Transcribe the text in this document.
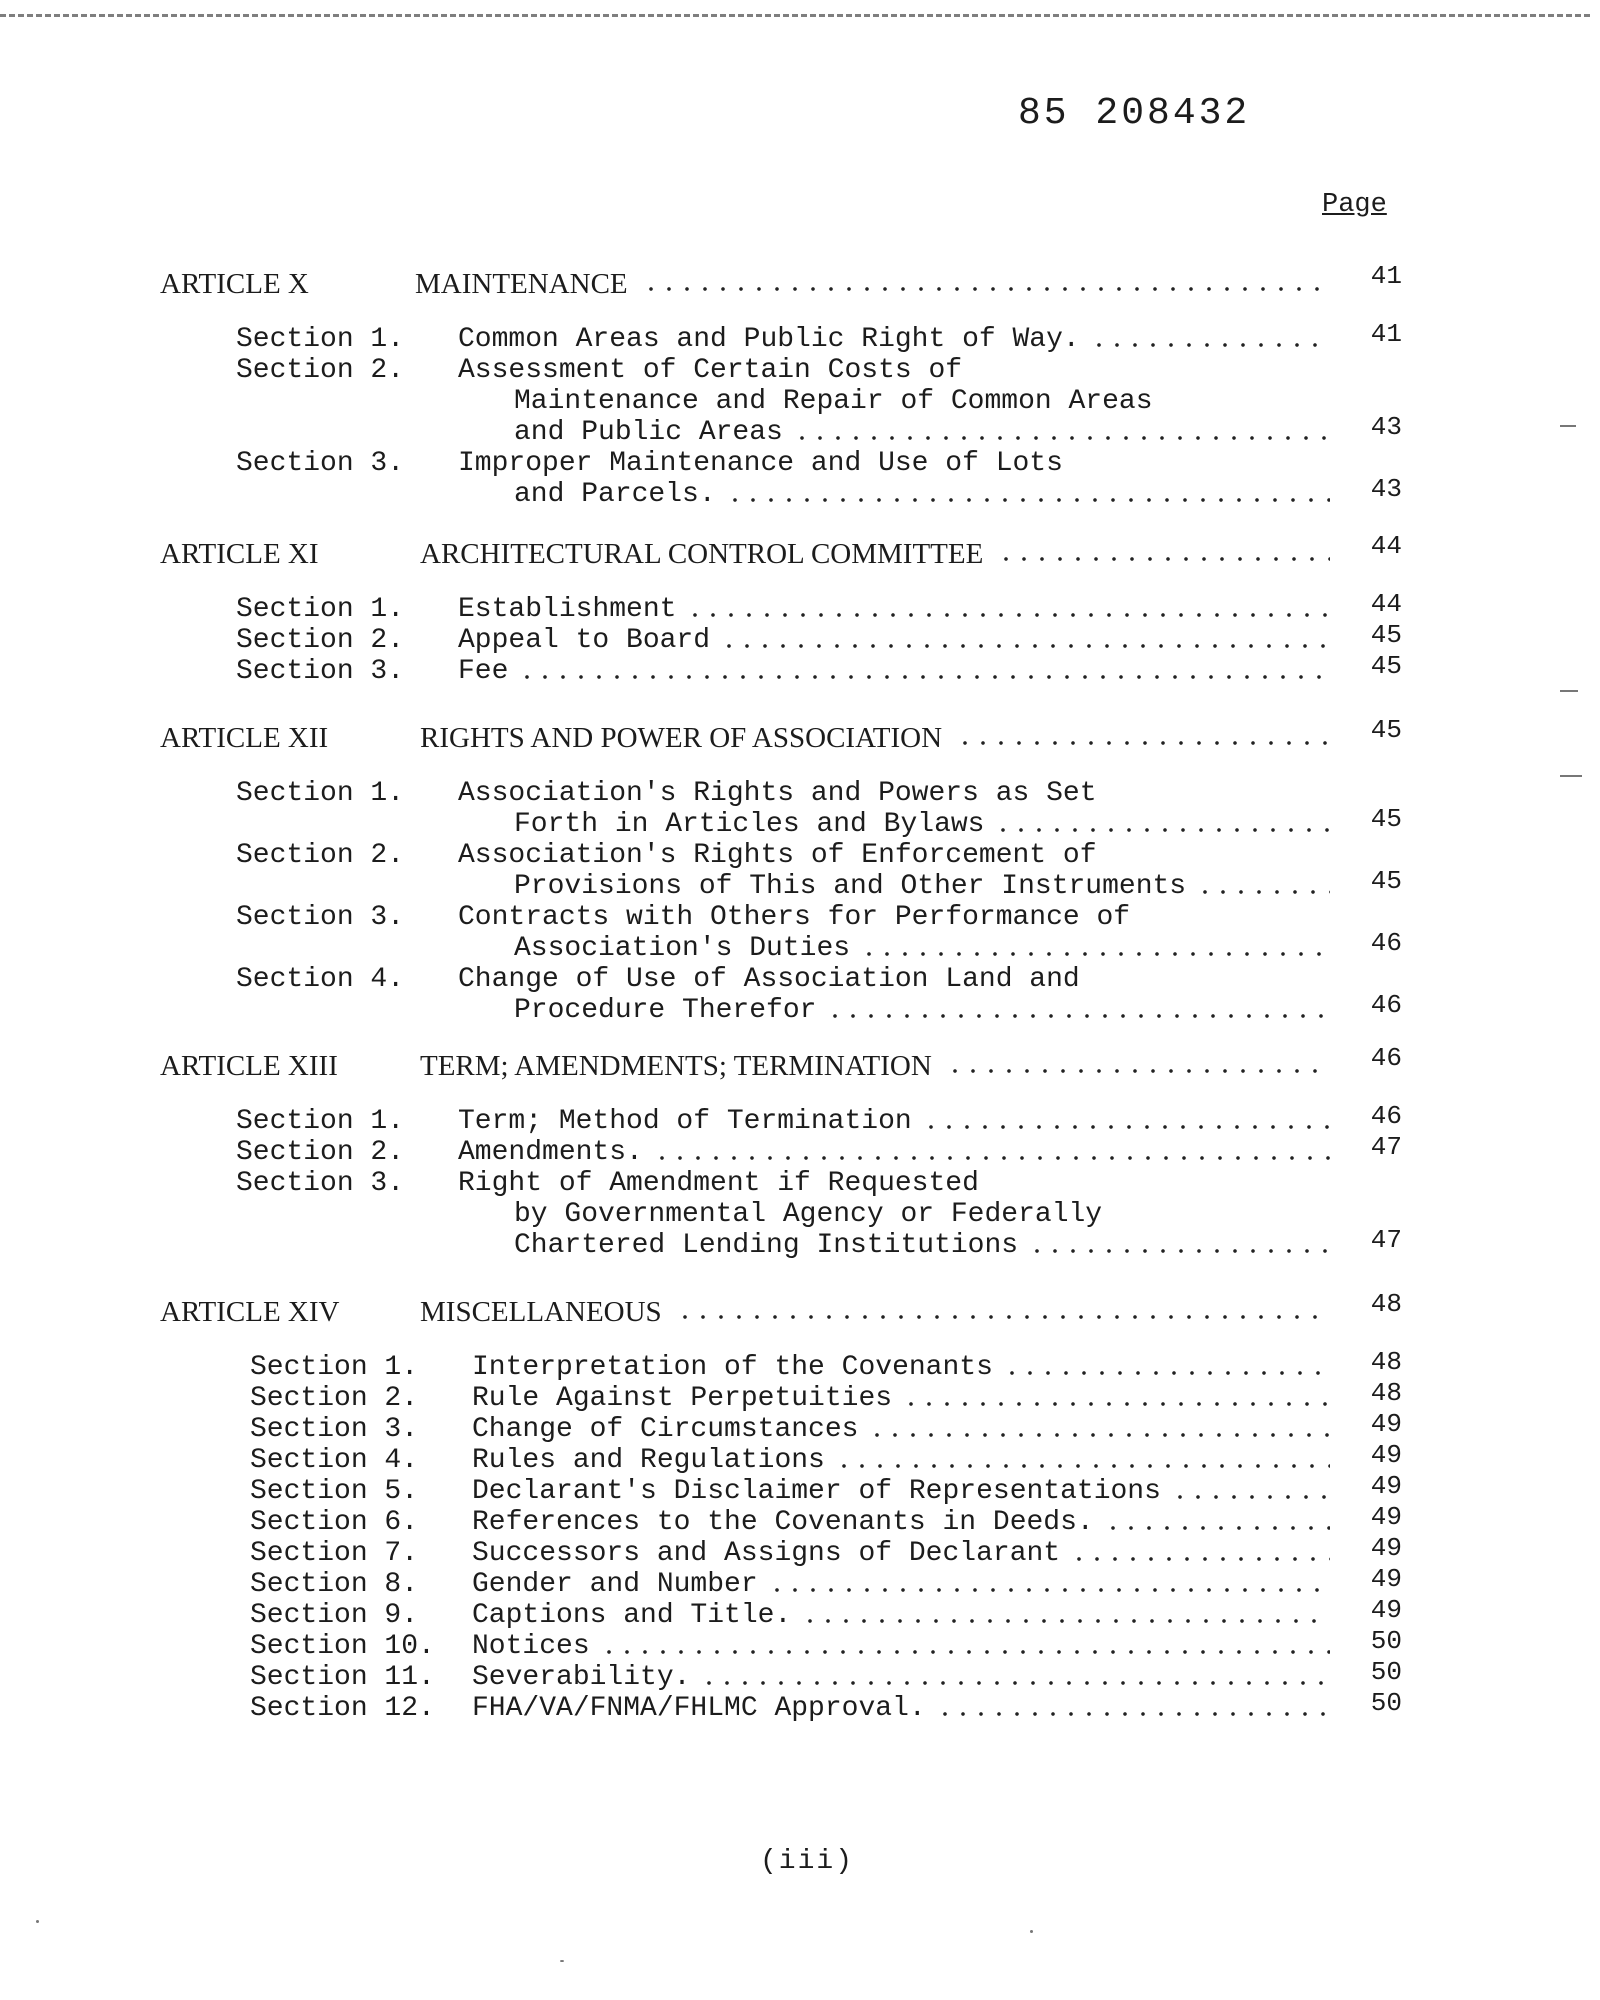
85 208432
Page
ARTICLE X	MAINTENANCE	41
Section 1. Common Areas and Public Right of Way.	41
Section 2. Assessment of Certain Costs of
Maintenance and Repair of Common Areas
and Public Areas	43
Section 3. Improper Maintenance and Use of Lots
and Parcels.	43
ARTICLE XI	ARCHITECTURAL CONTROL COMMITTEE	44
Section 1. Establishment	44
Section 2. Appeal to Board	45
Section 3. Fee	45
ARTICLE XII	RIGHTS AND POWER OF ASSOCIATION	45
Section 1. Association's Rights and Powers as Set
Forth in Articles and Bylaws	45
Section 2. Association's Rights of Enforcement of
Provisions of This and Other Instruments	45
Section 3. Contracts with Others for Performance of
Association's Duties	46
Section 4. Change of Use of Association Land and
Procedure Therefor	46
ARTICLE XIII	TERM; AMENDMENTS; TERMINATION	46
Section 1. Term; Method of Termination	46
Section 2. Amendments.	47
Section 3. Right of Amendment if Requested
by Governmental Agency or Federally
Chartered Lending Institutions	47
ARTICLE XIV	MISCELLANEOUS	48
Section 1. Interpretation of the Covenants	48
Section 2. Rule Against Perpetuities	48
Section 3. Change of Circumstances	49
Section 4. Rules and Regulations	49
Section 5. Declarant's Disclaimer of Representations	49
Section 6. References to the Covenants in Deeds.	49
Section 7. Successors and Assigns of Declarant	49
Section 8. Gender and Number	49
Section 9. Captions and Title.	49
Section 10. Notices	50
Section 11. Severability.	50
Section 12. FHA/VA/FNMA/FHLMC Approval.	50
(iii)
